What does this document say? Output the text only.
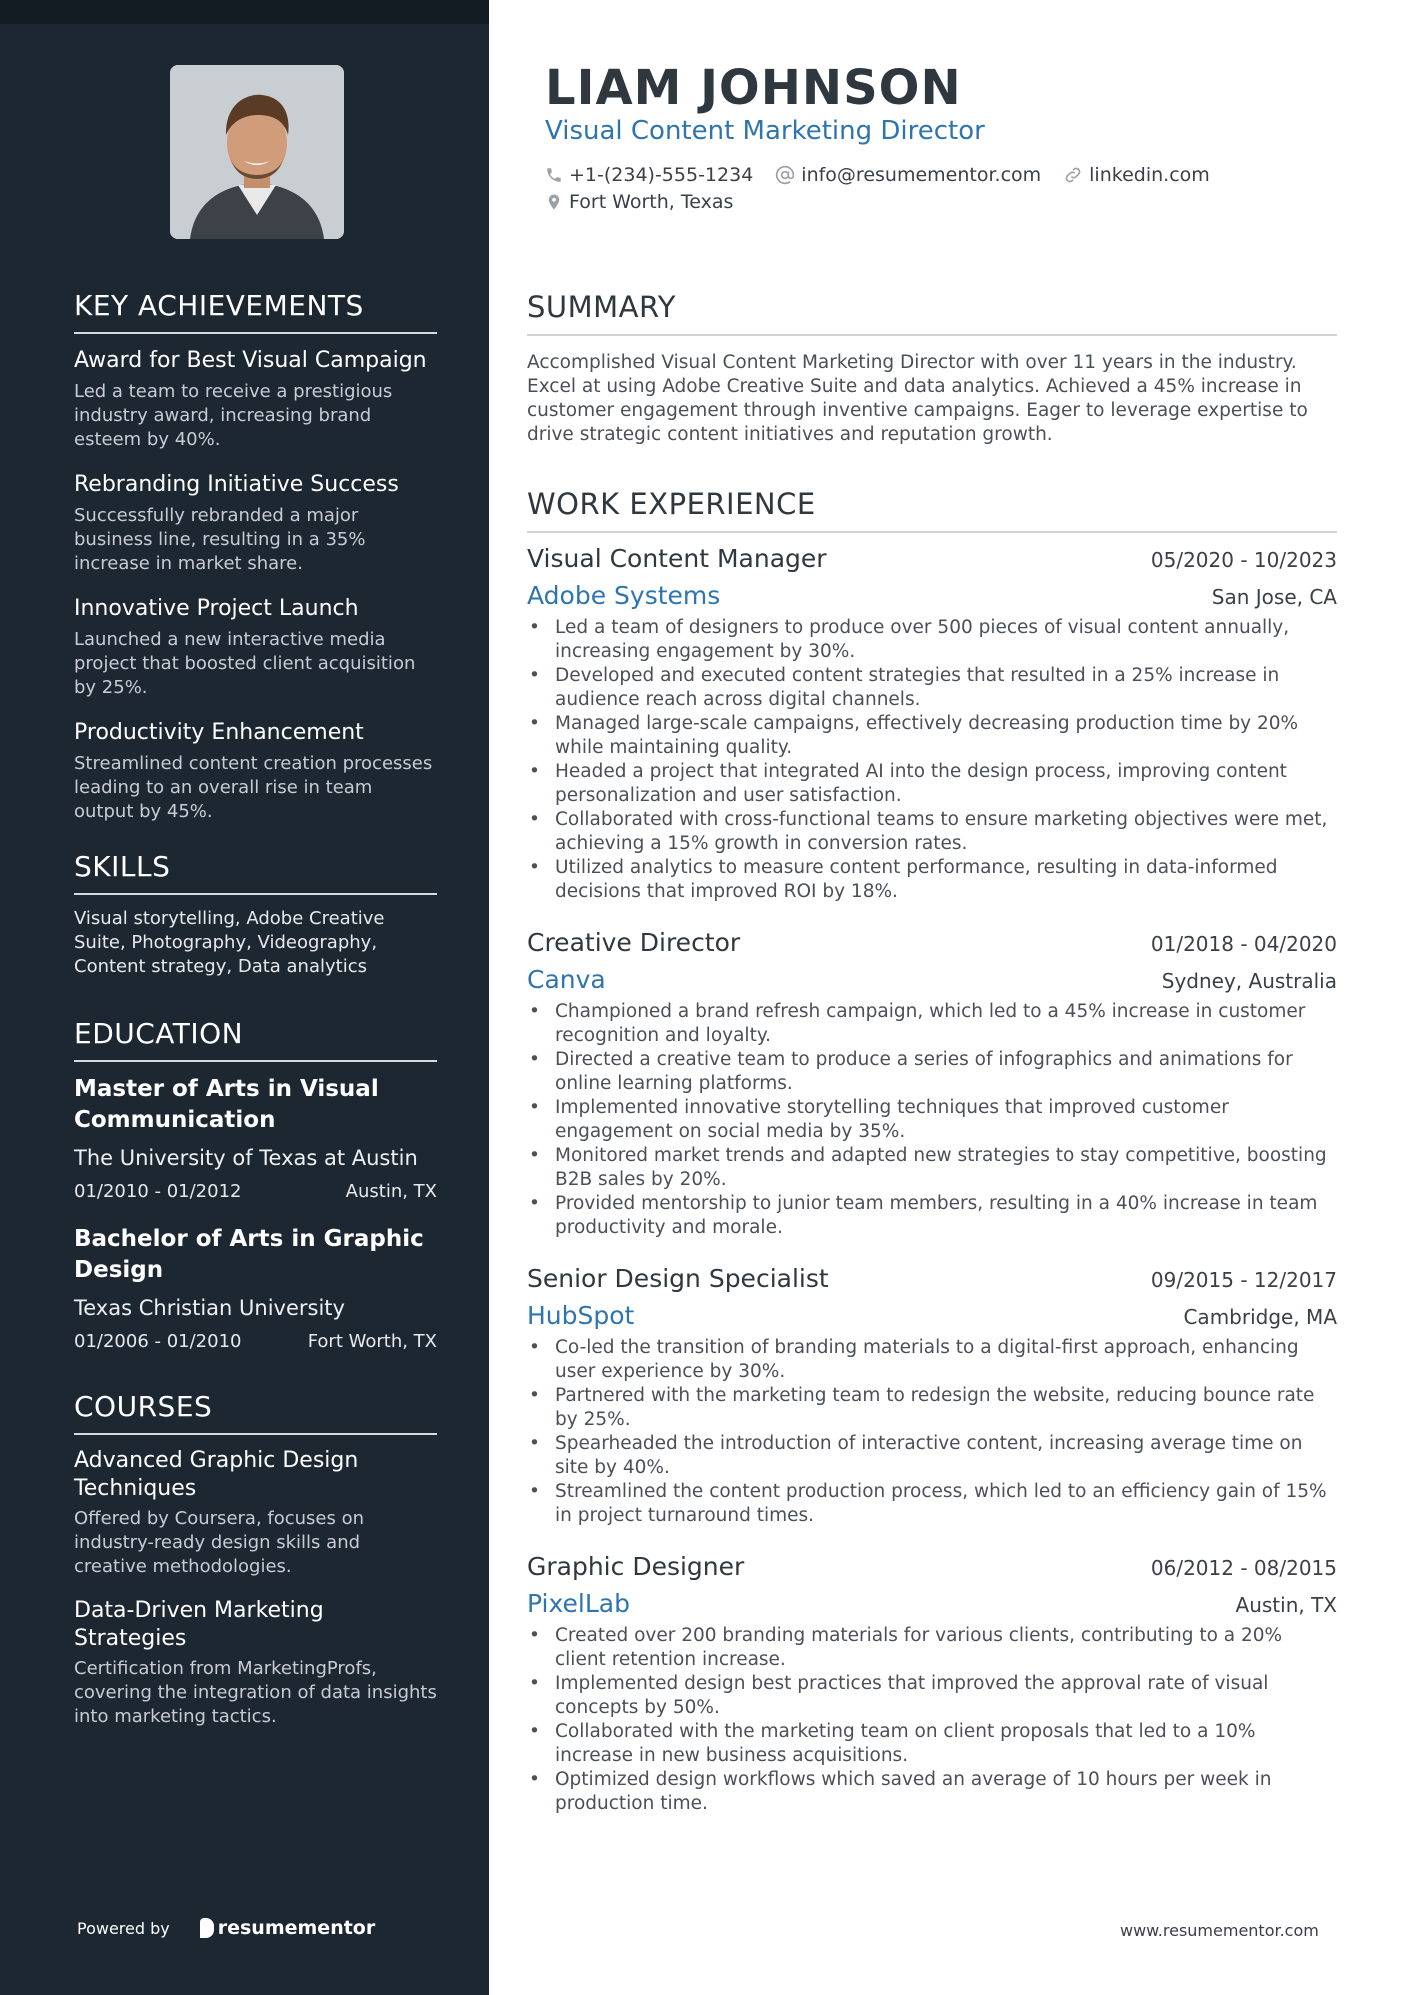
KEY ACHIEVEMENTS
Award for Best Visual Campaign
Led a team to receive a prestigious industry award, increasing brand esteem by 40%.
Rebranding Initiative Success
Successfully rebranded a major business line, resulting in a 35% increase in market share.
Innovative Project Launch
Launched a new interactive media project that boosted client acquisition by 25%.
Productivity Enhancement
Streamlined content creation processes leading to an overall rise in team output by 45%.
SKILLS
Visual storytelling, Adobe Creative Suite, Photography, Videography, Content strategy, Data analytics
EDUCATION
Master of Arts in Visual Communication
The University of Texas at Austin
01/2010 - 01/2012	Austin, TX
Bachelor of Arts in Graphic Design
Texas Christian University
01/2006 - 01/2010	Fort Worth, TX
COURSES
Advanced Graphic Design Techniques
Offered by Coursera, focuses on industry-ready design skills and creative methodologies.
Data-Driven Marketing Strategies
Certification from MarketingProfs, covering the integration of data insights into marketing tactics.
Powered by	resumementor
LIAM JOHNSON
Visual Content Marketing Director
+1-(234)-555-1234	info@resumementor.com	linkedin.com
Fort Worth, Texas
SUMMARY
Accomplished Visual Content Marketing Director with over 11 years in the industry. Excel at using Adobe Creative Suite and data analytics. Achieved a 45% increase in customer engagement through inventive campaigns. Eager to leverage expertise to drive strategic content initiatives and reputation growth.
WORK EXPERIENCE
Visual Content Manager	05/2020 - 10/2023
Adobe Systems	San Jose, CA
• Led a team of designers to produce over 500 pieces of visual content annually, increasing engagement by 30%.
• Developed and executed content strategies that resulted in a 25% increase in audience reach across digital channels.
• Managed large-scale campaigns, effectively decreasing production time by 20% while maintaining quality.
• Headed a project that integrated AI into the design process, improving content personalization and user satisfaction.
• Collaborated with cross-functional teams to ensure marketing objectives were met, achieving a 15% growth in conversion rates.
• Utilized analytics to measure content performance, resulting in data-informed decisions that improved ROI by 18%.
Creative Director	01/2018 - 04/2020
Canva	Sydney, Australia
• Championed a brand refresh campaign, which led to a 45% increase in customer recognition and loyalty.
• Directed a creative team to produce a series of infographics and animations for online learning platforms.
• Implemented innovative storytelling techniques that improved customer engagement on social media by 35%.
• Monitored market trends and adapted new strategies to stay competitive, boosting B2B sales by 20%.
• Provided mentorship to junior team members, resulting in a 40% increase in team productivity and morale.
Senior Design Specialist	09/2015 - 12/2017
HubSpot	Cambridge, MA
• Co-led the transition of branding materials to a digital-first approach, enhancing user experience by 30%.
• Partnered with the marketing team to redesign the website, reducing bounce rate by 25%.
• Spearheaded the introduction of interactive content, increasing average time on site by 40%.
• Streamlined the content production process, which led to an efficiency gain of 15% in project turnaround times.
Graphic Designer	06/2012 - 08/2015
PixelLab	Austin, TX
• Created over 200 branding materials for various clients, contributing to a 20% client retention increase.
• Implemented design best practices that improved the approval rate of visual concepts by 50%.
• Collaborated with the marketing team on client proposals that led to a 10% increase in new business acquisitions.
• Optimized design workflows which saved an average of 10 hours per week in production time.
www.resumementor.com
